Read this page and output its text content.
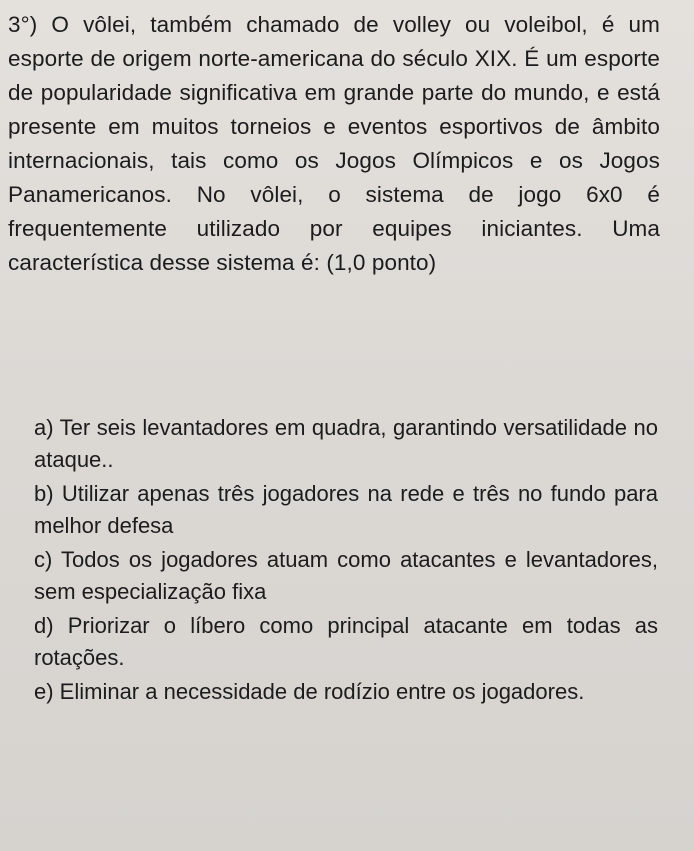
3°) O vôlei, também chamado de volley ou voleibol, é um esporte de origem norte-americana do século XIX. É um esporte de popularidade significativa em grande parte do mundo, e está presente em muitos torneios e eventos esportivos de âmbito internacionais, tais como os Jogos Olímpicos e os Jogos Panamericanos. No vôlei, o sistema de jogo 6x0 é frequentemente utilizado por equipes iniciantes. Uma característica desse sistema é: (1,0 ponto)

a) Ter seis levantadores em quadra, garantindo versatilidade no ataque..

b) Utilizar apenas três jogadores na rede e três no fundo para melhor defesa

c) Todos os jogadores atuam como atacantes e levantadores, sem especialização fixa

d) Priorizar o líbero como principal atacante em todas as rotações.

e) Eliminar a necessidade de rodízio entre os jogadores.
